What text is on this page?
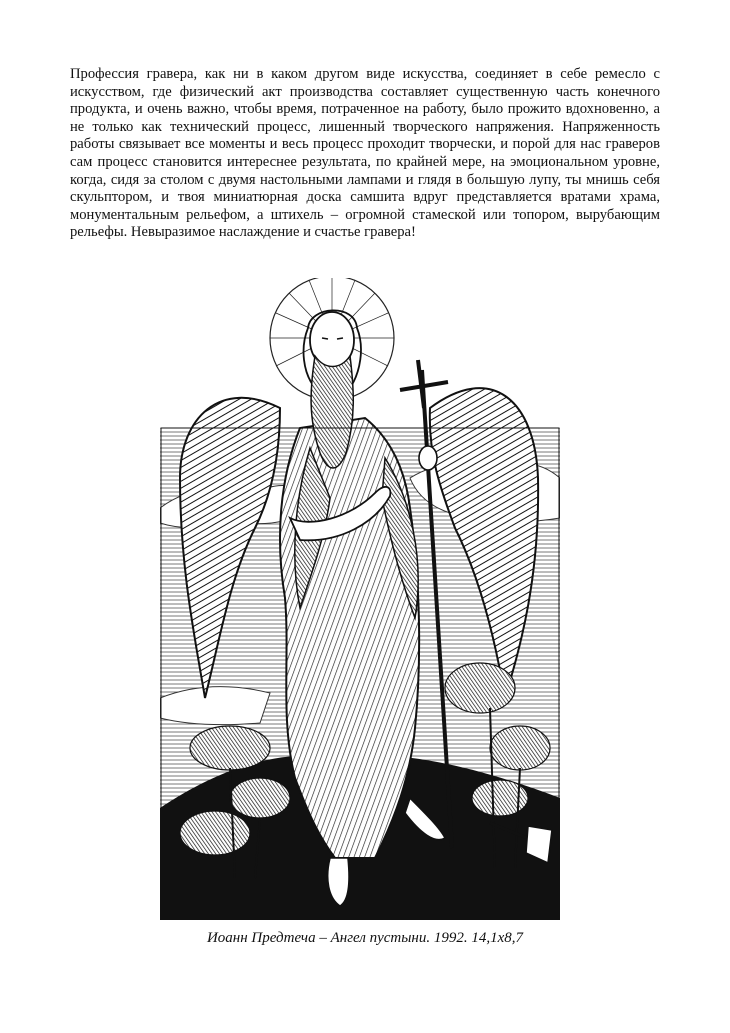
Профессия гравера, как ни в каком другом виде искусства, соединяет в себе ремесло с искусством, где физический акт производства составляет существенную часть конечного продукта, и очень важно, чтобы время, потраченное на работу, было прожито вдохновенно, а не только как технический процесс, лишенный творческого напряжения. Напряженность работы связывает все моменты и весь процесс проходит творчески, и порой для нас граверов сам процесс становится интереснее результата, по крайней мере, на эмоциональном уровне, когда, сидя за столом с двумя настольными лампами и глядя в большую лупу, ты мнишь себя скульптором, и твоя миниатюрная доска самшита вдруг представляется вратами храма, монументальным рельефом, а штихель – огромной стамеской или топором, вырубающим рельефы. Невыразимое наслаждение и счастье гравера!

Иоанн Предтеча – Ангел пустыни. 1992. 14,1х8,7
